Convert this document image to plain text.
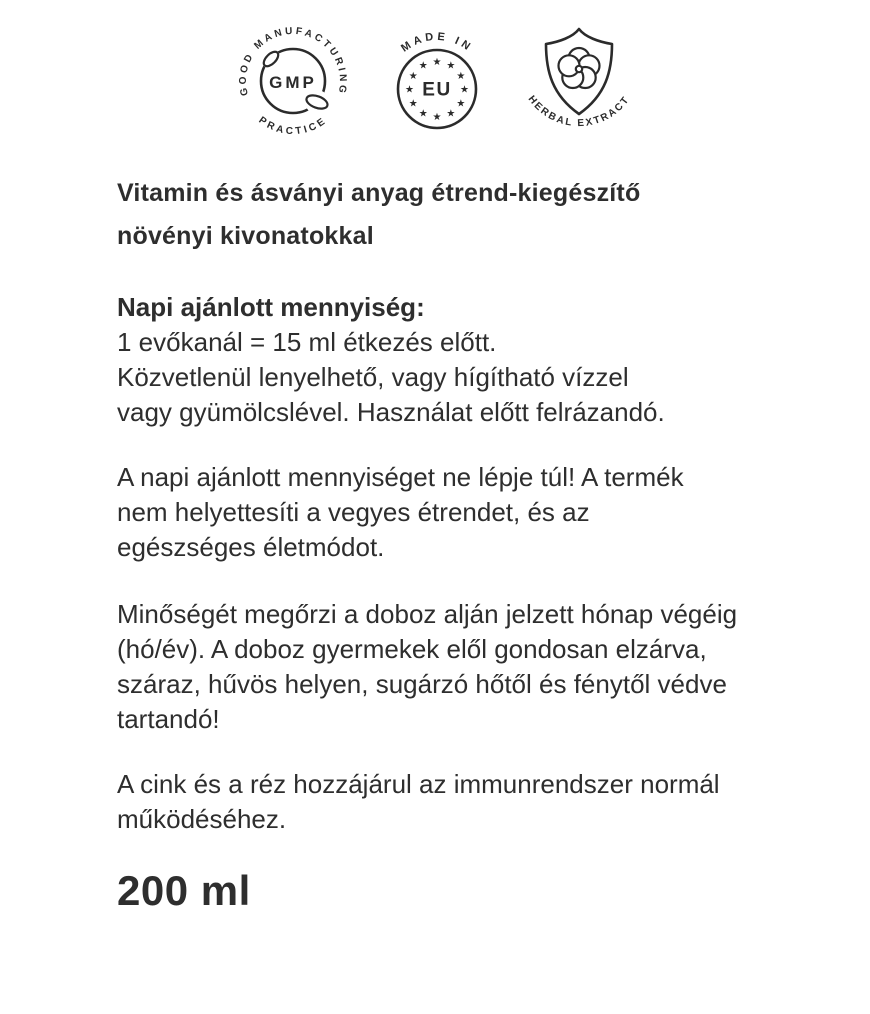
GMP
GOOD MANUFACTURING
PRACTICE
★ ★
★
★
★
★
★
★
★
★
★
★
EU
MADE IN
HERBAL EXTRACT
Vitamin és ásványi anyag étrend-kiegészítő
növényi kivonatokkal
Napi ajánlott mennyiség:
1 evőkanál = 15 ml étkezés előtt.
Közvetlenül lenyelhető, vagy hígítható vízzel
vagy gyümölcslével. Használat előtt felrázandó.
A napi ajánlott mennyiséget ne lépje túl! A termék
nem helyettesíti a vegyes étrendet, és az
egészséges életmódot.
Minőségét megőrzi a doboz alján jelzett hónap végéig
(hó/év). A doboz gyermekek elől gondosan elzárva,
száraz, hűvös helyen, sugárzó hőtől és fénytől védve
tartandó!
A cink és a réz hozzájárul az immunrendszer normál
működéséhez.
200 ml
